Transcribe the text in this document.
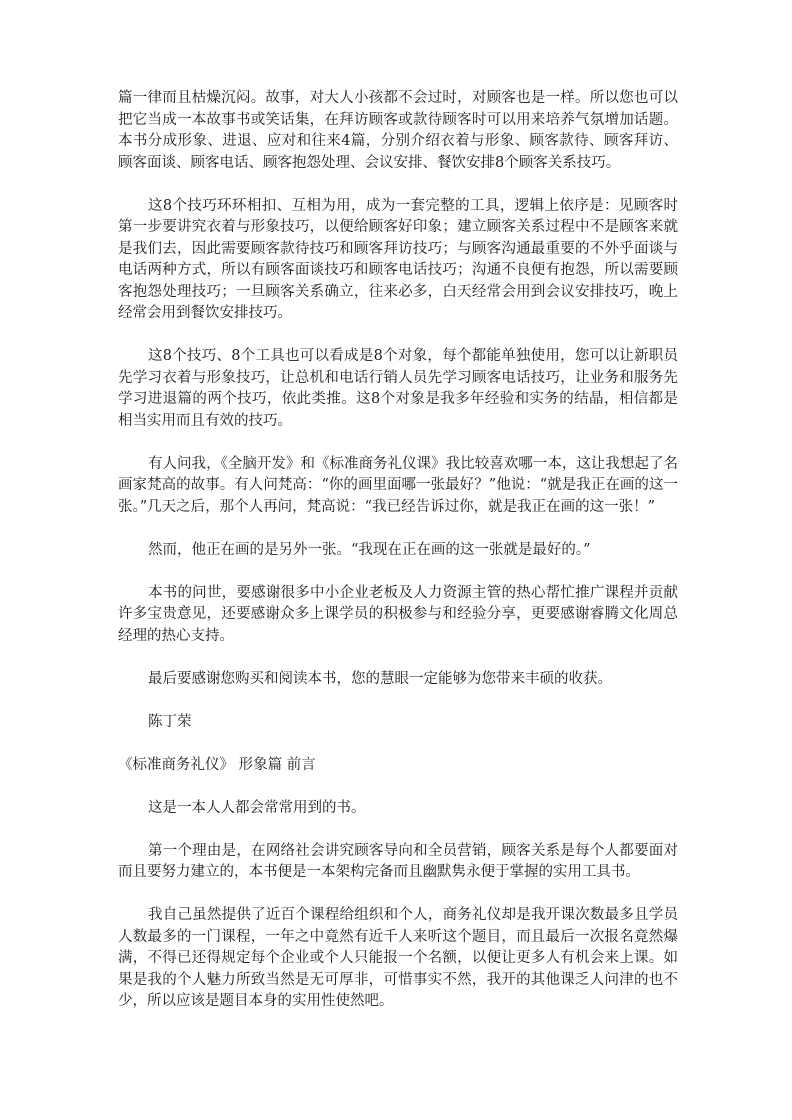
篇一律而且枯燥沉闷。故事，对大人小孩都不会过时，对顾客也是一样。所以您也可以把它当成一本故事书或笑话集，在拜访顾客或款待顾客时可以用来培养气氛增加话题。本书分成形象、进退、应对和往来4篇，分别介绍衣着与形象、顾客款待、顾客拜访、顾客面谈、顾客电话、顾客抱怨处理、会议安排、餐饮安排8个顾客关系技巧。

这8个技巧环环相扣、互相为用，成为一套完整的工具，逻辑上依序是：见顾客时第一步要讲究衣着与形象技巧，以便给顾客好印象；建立顾客关系过程中不是顾客来就是我们去，因此需要顾客款待技巧和顾客拜访技巧；与顾客沟通最重要的不外乎面谈与电话两种方式，所以有顾客面谈技巧和顾客电话技巧；沟通不良便有抱怨，所以需要顾客抱怨处理技巧；一旦顾客关系确立，往来必多，白天经常会用到会议安排技巧，晚上经常会用到餐饮安排技巧。

这8个技巧、8个工具也可以看成是8个对象，每个都能单独使用，您可以让新职员先学习衣着与形象技巧，让总机和电话行销人员先学习顾客电话技巧，让业务和服务先学习进退篇的两个技巧，依此类推。这8个对象是我多年经验和实务的结晶，相信都是相当实用而且有效的技巧。

有人问我，《全脑开发》和《标准商务礼仪课》我比较喜欢哪一本，这让我想起了名画家梵高的故事。有人问梵高：“你的画里面哪一张最好？”他说：“就是我正在画的这一张。”几天之后，那个人再问，梵高说：“我已经告诉过你，就是我正在画的这一张！”

然而，他正在画的是另外一张。“我现在正在画的这一张就是最好的。”

本书的问世，要感谢很多中小企业老板及人力资源主管的热心帮忙推广课程并贡献许多宝贵意见，还要感谢众多上课学员的积极参与和经验分享，更要感谢睿腾文化周总经理的热心支持。

最后要感谢您购买和阅读本书，您的慧眼一定能够为您带来丰硕的收获。

陈丁荣

《标准商务礼仪》 形象篇 前言

这是一本人人都会常常用到的书。

第一个理由是，在网络社会讲究顾客导向和全员营销，顾客关系是每个人都要面对而且要努力建立的，本书便是一本架构完备而且幽默隽永便于掌握的实用工具书。

我自己虽然提供了近百个课程给组织和个人，商务礼仪却是我开课次数最多且学员人数最多的一门课程，一年之中竟然有近千人来听这个题目，而且最后一次报名竟然爆满，不得已还得规定每个企业或个人只能报一个名额，以便让更多人有机会来上课。如果是我的个人魅力所致当然是无可厚非，可惜事实不然，我开的其他课乏人问津的也不少，所以应该是题目本身的实用性使然吧。
